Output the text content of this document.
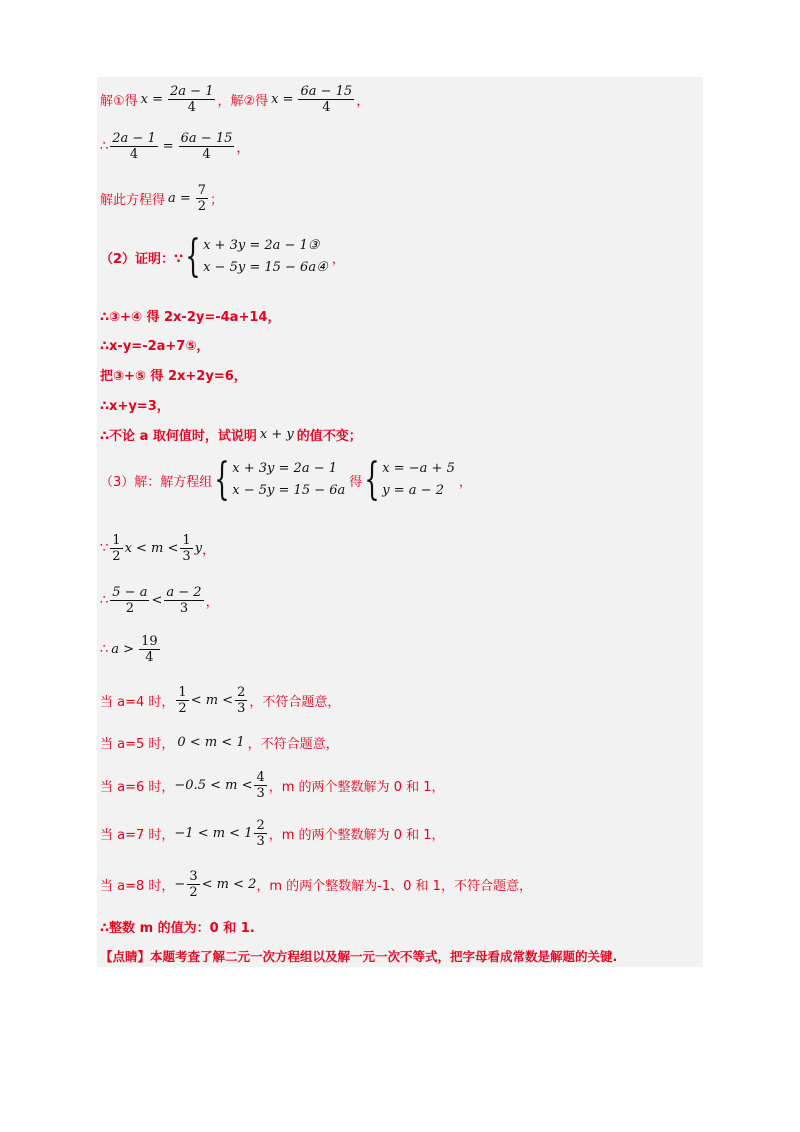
解①得 $x = \frac{2a - 1}{4}$ ，解②得 $x = \frac{6a - 15}{4}$ ，
∴ $\frac{2a - 1}{4} = \frac{6a - 15}{4}$ ，
解此方程得 $a = \frac{7}{2}$ ；
（2）证明：∵ { x + 3y = 2a − 1③
x − 5y = 15 − 6a④
，
∴③+④ 得 2x-2y=-4a+14，
∴x-y=-2a+7⑤，
把③+⑤ 得 2x+2y=6，
∴x+y=3，
∴不论 a 取何值时，试说明 x + y 的值不变；
（3）解：解方程组 { x + 3y = 2a − 1
x − 5y = 15 − 6a
得 { x = −a + 5
y = a − 2
，
∵ $\frac{1}{2}$ $x < m < \frac{1}{3}$ y ，
∴ $\frac{5 - a}{2} < \frac{a - 2}{3}$ ，
∴ $a > \frac{19}{4}$
当 a=4 时， $\frac{1}{2} < m < \frac{2}{3}$ ，不符合题意，
当 a=5 时， 0 < m < 1 ，不符合题意，
当 a=6 时， $-0.5 < m < \frac{4}{3}$ ，m 的两个整数解为 0 和 1，
当 a=7 时， $-1 < m < 1 \frac{2}{3}$ ，m 的两个整数解为 0 和 1，
当 a=8 时， − $\frac{3}{2} < m < 2$ ，m 的两个整数解为-1、0 和 1，不符合题意，
∴整数 m 的值为：0 和 1.
【点睛】本题考查了解二元一次方程组以及解一元一次不等式，把字母看成常数是解题的关键.
